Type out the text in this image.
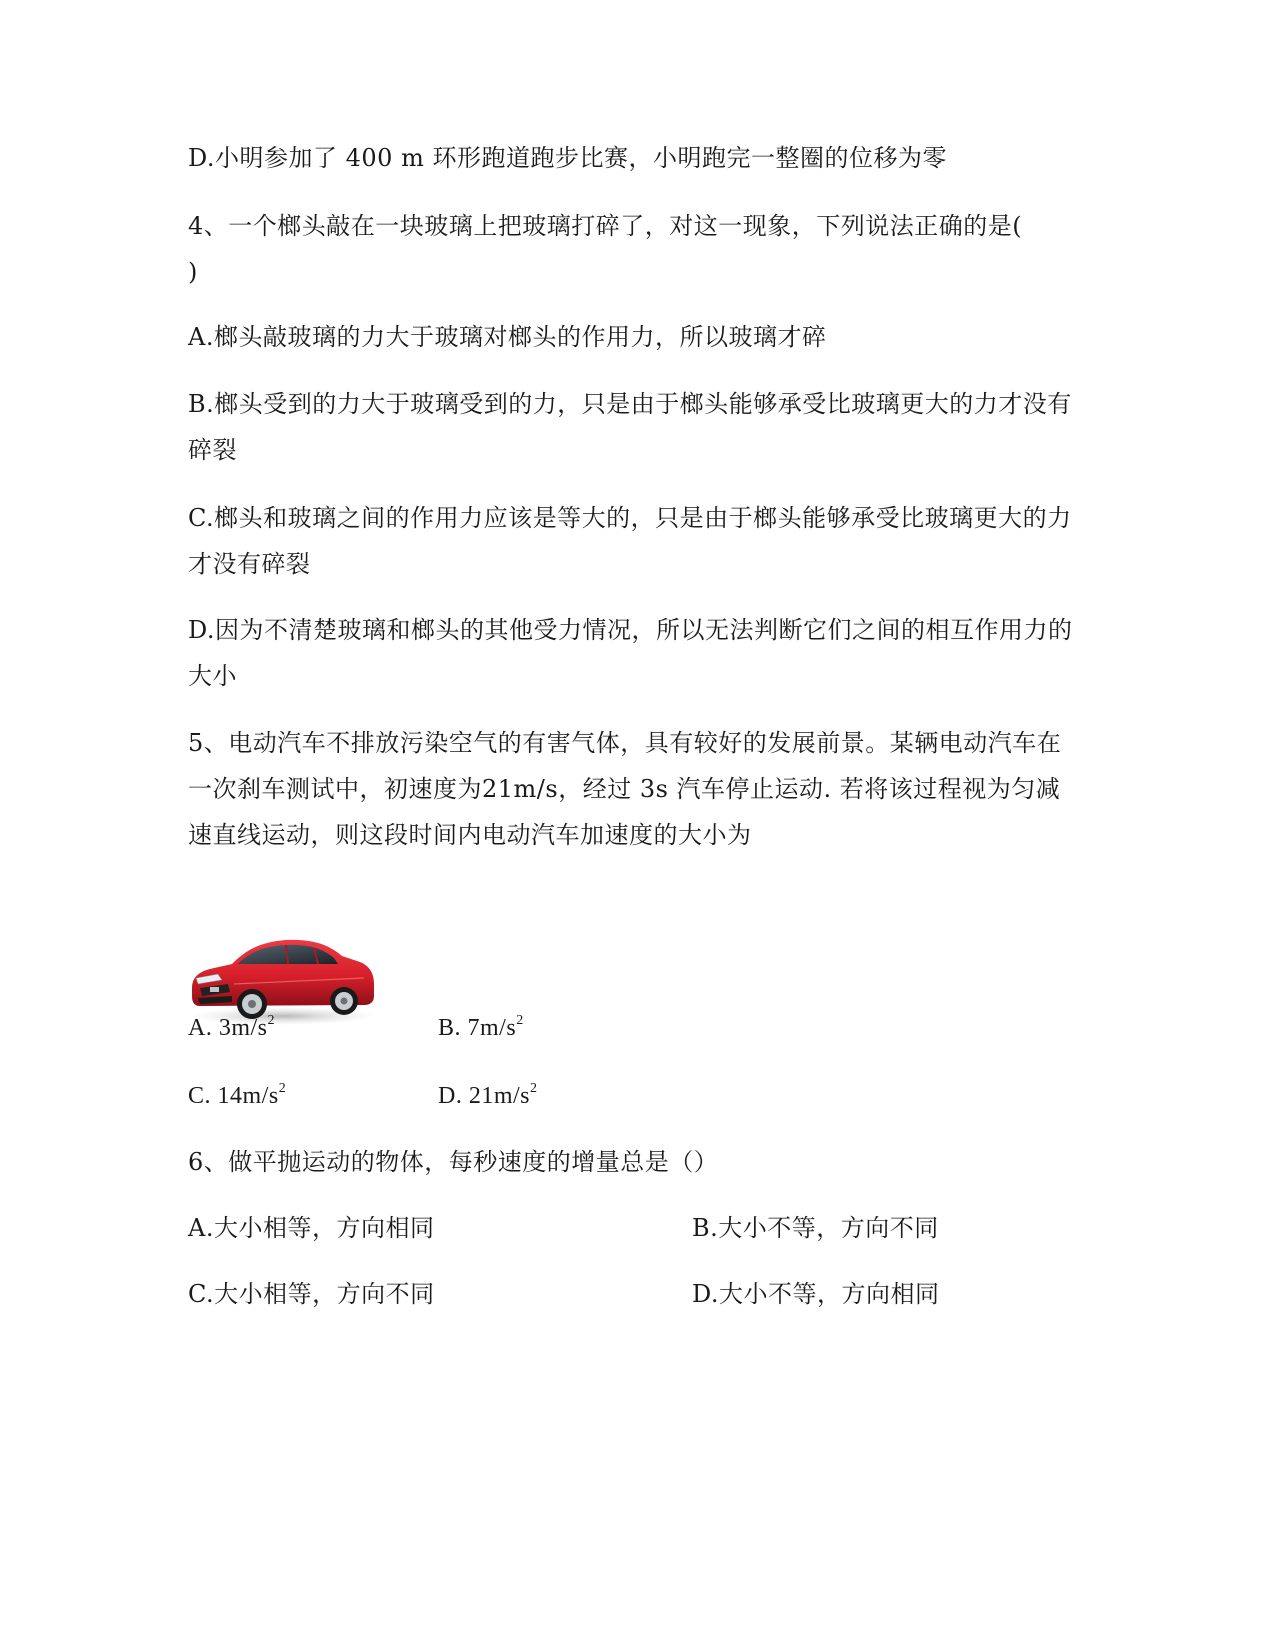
D.小明参加了 400 m 环形跑道跑步比赛，小明跑完一整圈的位移为零
4、一个榔头敲在一块玻璃上把玻璃打碎了，对这一现象，下列说法正确的是(
)
A.榔头敲玻璃的力大于玻璃对榔头的作用力，所以玻璃才碎
B.榔头受到的力大于玻璃受到的力，只是由于榔头能够承受比玻璃更大的力才没有
碎裂
C.榔头和玻璃之间的作用力应该是等大的，只是由于榔头能够承受比玻璃更大的力
才没有碎裂
D.因为不清楚玻璃和榔头的其他受力情况，所以无法判断它们之间的相互作用力的
大小
5、电动汽车不排放污染空气的有害气体，具有较好的发展前景。某辆电动汽车在
一次刹车测试中，初速度为21m/s，经过 3s 汽车停止运动. 若将该过程视为匀减
速直线运动，则这段时间内电动汽车加速度的大小为
A. $3m/s^2$	B. $7m/s^2$
C. $14m/s^2$	D. $21m/s^2$
6、做平抛运动的物体，每秒速度的增量总是（）
A.大小相等，方向相同	B.大小不等，方向不同
C.大小相等，方向不同	D.大小不等，方向相同
